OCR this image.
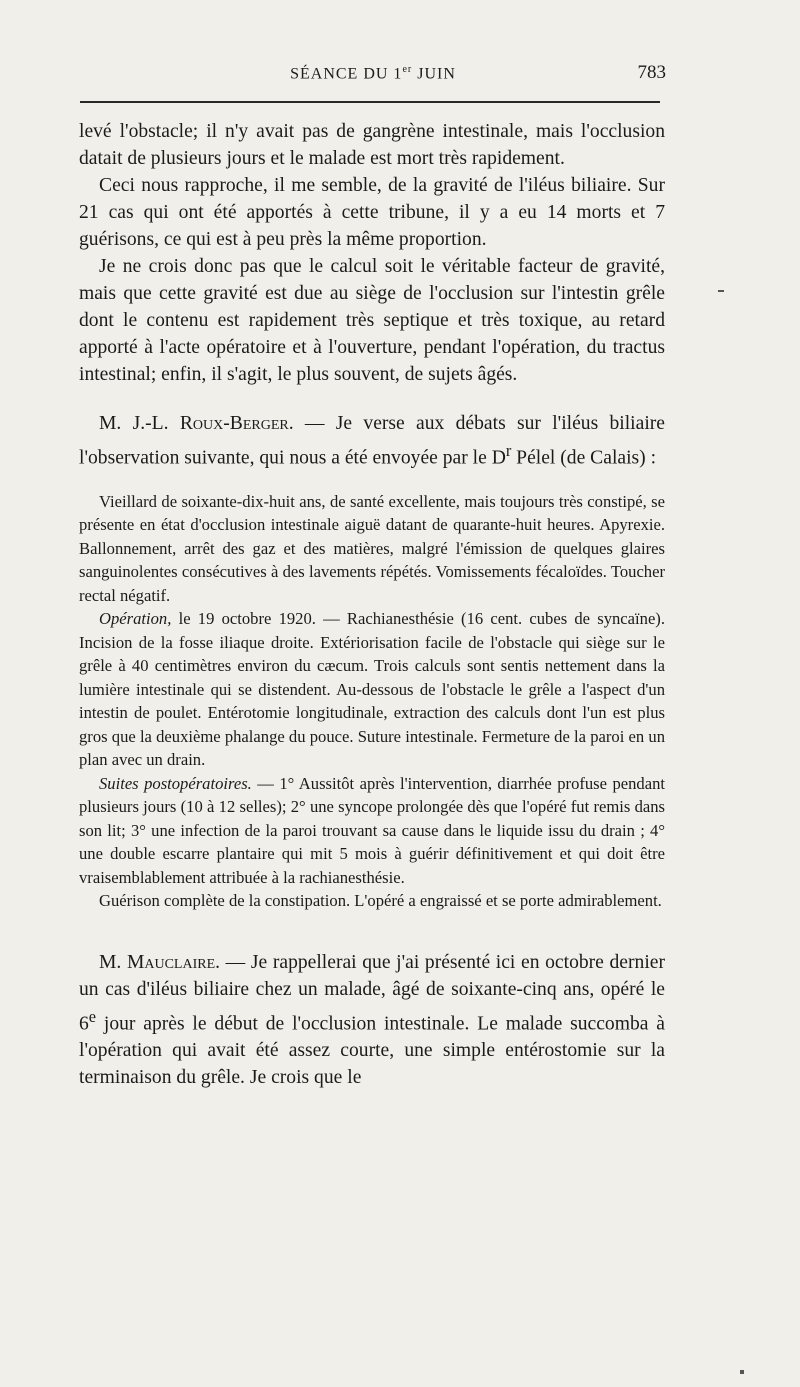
SÉANCE DU 1er JUIN	783

levé l'obstacle; il n'y avait pas de gangrène intestinale, mais l'occlusion datait de plusieurs jours et le malade est mort très rapidement.

Ceci nous rapproche, il me semble, de la gravité de l'iléus biliaire. Sur 21 cas qui ont été apportés à cette tribune, il y a eu 14 morts et 7 guérisons, ce qui est à peu près la même proportion.

Je ne crois donc pas que le calcul soit le véritable facteur de gravité, mais que cette gravité est due au siège de l'occlusion sur l'intestin grêle dont le contenu est rapidement très septique et très toxique, au retard apporté à l'acte opératoire et à l'ouverture, pendant l'opération, du tractus intestinal; enfin, il s'agit, le plus souvent, de sujets âgés.

M. J.-L. Roux-Berger. — Je verse aux débats sur l'iléus biliaire l'observation suivante, qui nous a été envoyée par le $D^r$ Pélel (de Calais) :

Vieillard de soixante-dix-huit ans, de santé excellente, mais toujours très constipé, se présente en état d'occlusion intestinale aiguë datant de quarante-huit heures. Apyrexie. Ballonnement, arrêt des gaz et des matières, malgré l'émission de quelques glaires sanguinolentes consécutives à des lavements répétés. Vomissements fécaloïdes. Toucher rectal négatif.

Opération, le 19 octobre 1920. — Rachianesthésie (16 cent. cubes de syncaïne). Incision de la fosse iliaque droite. Extériorisation facile de l'obstacle qui siège sur le grêle à 40 centimètres environ du cæcum. Trois calculs sont sentis nettement dans la lumière intestinale qui se distendent. Au-dessous de l'obstacle le grêle a l'aspect d'un intestin de poulet. Entérotomie longitudinale, extraction des calculs dont l'un est plus gros que la deuxième phalange du pouce. Suture intestinale. Fermeture de la paroi en un plan avec un drain.

Suites postopératoires. — 1° Aussitôt après l'intervention, diarrhée profuse pendant plusieurs jours (10 à 12 selles); 2° une syncope prolongée dès que l'opéré fut remis dans son lit; 3° une infection de la paroi trouvant sa cause dans le liquide issu du drain ; 4° une double escarre plantaire qui mit 5 mois à guérir définitivement et qui doit être vraisemblablement attribuée à la rachianesthésie.

Guérison complète de la constipation. L'opéré a engraissé et se porte admirablement.

M. Mauclaire. — Je rappellerai que j'ai présenté ici en octobre dernier un cas d'iléus biliaire chez un malade, âgé de soixante-cinq ans, opéré le 6e jour après le début de l'occlusion intestinale. Le malade succomba à l'opération qui avait été assez courte, une simple entérostomie sur la terminaison du grêle. Je crois que le
